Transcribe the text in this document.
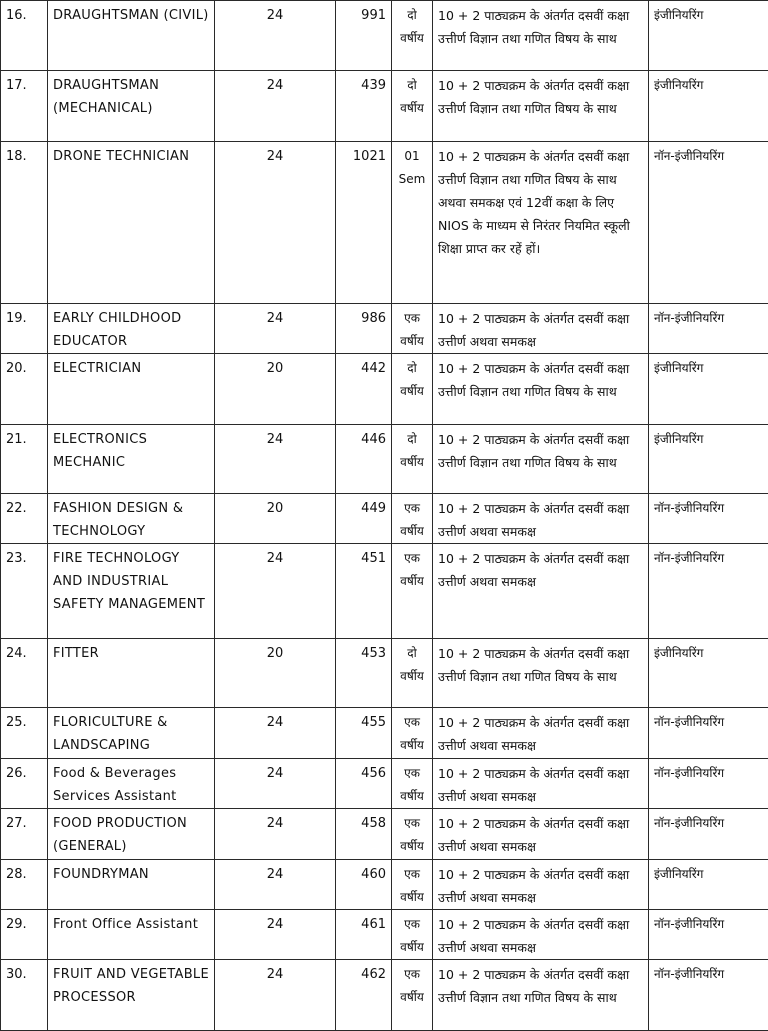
16.	DRAUGHTSMAN (CIVIL)	24	991	दो वर्षीय	10 + 2 पाठ्यक्रम के अंतर्गत दसवीं कक्षा उत्तीर्ण विज्ञान तथा गणित विषय के साथ	इंजीनियरिंग
17.	DRAUGHTSMAN (MECHANICAL)	24	439	दो वर्षीय	10 + 2 पाठ्यक्रम के अंतर्गत दसवीं कक्षा उत्तीर्ण विज्ञान तथा गणित विषय के साथ	इंजीनियरिंग
18.	DRONE TECHNICIAN	24	1021	01 Sem	10 + 2 पाठ्यक्रम के अंतर्गत दसवीं कक्षा उत्तीर्ण विज्ञान तथा गणित विषय के साथ अथवा समकक्ष एवं 12वीं कक्षा के लिए NIOS के माध्यम से निरंतर नियमित स्कूली शिक्षा प्राप्त कर रहें हों।	नॉन-इंजीनियरिंग
19.	EARLY CHILDHOOD EDUCATOR	24	986	एक वर्षीय	10 + 2 पाठ्यक्रम के अंतर्गत दसवीं कक्षा उत्तीर्ण अथवा समकक्ष	नॉन-इंजीनियरिंग
20.	ELECTRICIAN	20	442	दो वर्षीय	10 + 2 पाठ्यक्रम के अंतर्गत दसवीं कक्षा उत्तीर्ण विज्ञान तथा गणित विषय के साथ	इंजीनियरिंग
21.	ELECTRONICS MECHANIC	24	446	दो वर्षीय	10 + 2 पाठ्यक्रम के अंतर्गत दसवीं कक्षा उत्तीर्ण विज्ञान तथा गणित विषय के साथ	इंजीनियरिंग
22.	FASHION DESIGN & TECHNOLOGY	20	449	एक वर्षीय	10 + 2 पाठ्यक्रम के अंतर्गत दसवीं कक्षा उत्तीर्ण अथवा समकक्ष	नॉन-इंजीनियरिंग
23.	FIRE TECHNOLOGY AND INDUSTRIAL SAFETY MANAGEMENT	24	451	एक वर्षीय	10 + 2 पाठ्यक्रम के अंतर्गत दसवीं कक्षा उत्तीर्ण अथवा समकक्ष	नॉन-इंजीनियरिंग
24.	FITTER	20	453	दो वर्षीय	10 + 2 पाठ्यक्रम के अंतर्गत दसवीं कक्षा उत्तीर्ण विज्ञान तथा गणित विषय के साथ	इंजीनियरिंग
25.	FLORICULTURE & LANDSCAPING	24	455	एक वर्षीय	10 + 2 पाठ्यक्रम के अंतर्गत दसवीं कक्षा उत्तीर्ण अथवा समकक्ष	नॉन-इंजीनियरिंग
26.	Food & Beverages Services Assistant	24	456	एक वर्षीय	10 + 2 पाठ्यक्रम के अंतर्गत दसवीं कक्षा उत्तीर्ण अथवा समकक्ष	नॉन-इंजीनियरिंग
27.	FOOD PRODUCTION (GENERAL)	24	458	एक वर्षीय	10 + 2 पाठ्यक्रम के अंतर्गत दसवीं कक्षा उत्तीर्ण अथवा समकक्ष	नॉन-इंजीनियरिंग
28.	FOUNDRYMAN	24	460	एक वर्षीय	10 + 2 पाठ्यक्रम के अंतर्गत दसवीं कक्षा उत्तीर्ण अथवा समकक्ष	इंजीनियरिंग
29.	Front Office Assistant	24	461	एक वर्षीय	10 + 2 पाठ्यक्रम के अंतर्गत दसवीं कक्षा उत्तीर्ण अथवा समकक्ष	नॉन-इंजीनियरिंग
30.	FRUIT AND VEGETABLE PROCESSOR	24	462	एक वर्षीय	10 + 2 पाठ्यक्रम के अंतर्गत दसवीं कक्षा उत्तीर्ण विज्ञान तथा गणित विषय के साथ	नॉन-इंजीनियरिंग
